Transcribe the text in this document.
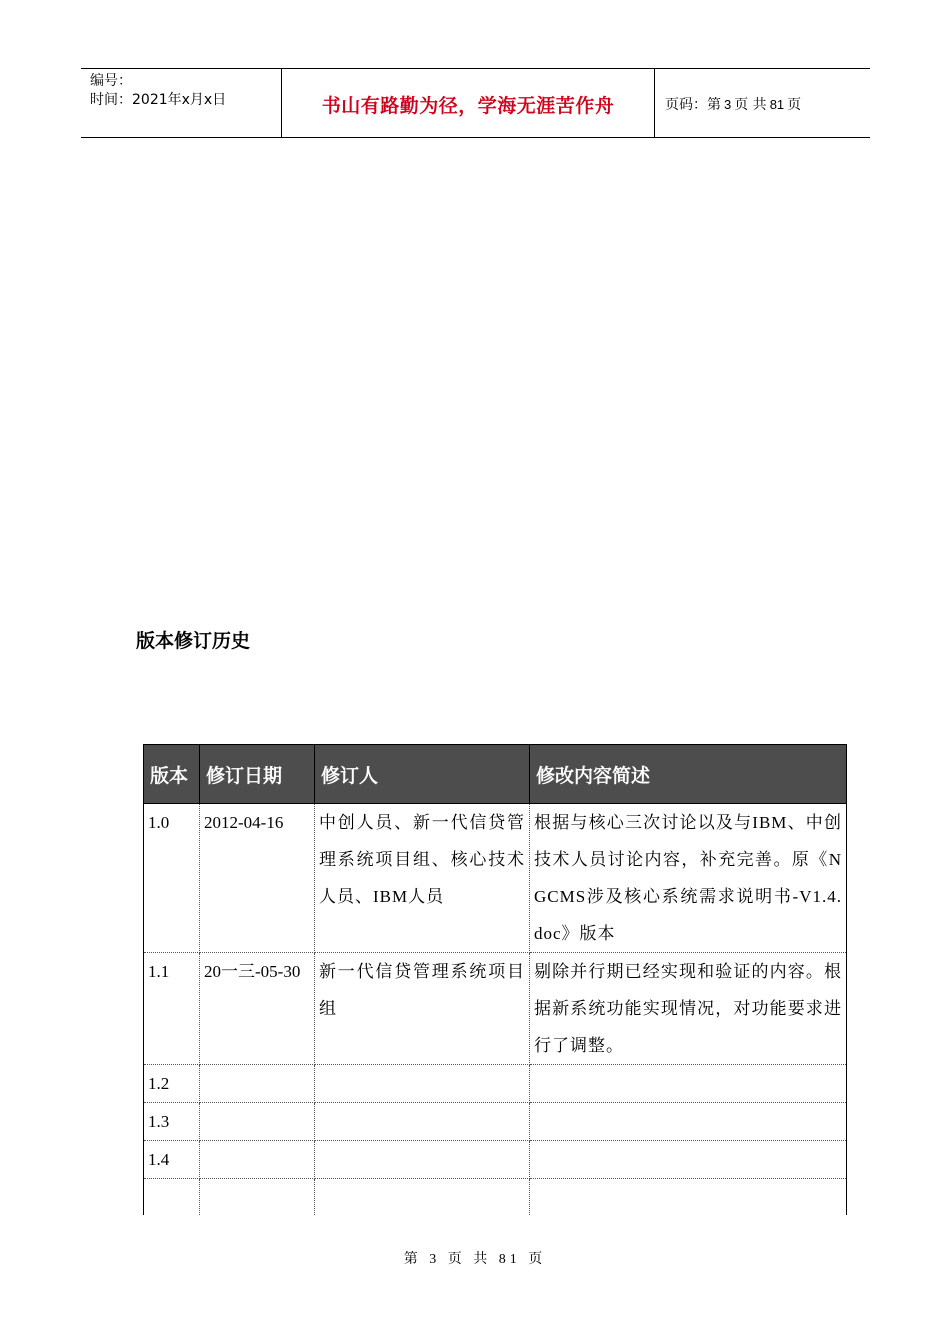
编号：
时间：2021年x月x日	书山有路勤为径，学海无涯苦作舟	页码：第 3 页 共 81 页
版本修订历史
版本	修订日期	修订人	修改内容简述
1.0	2012-04-16	中创人员、新一代信贷管理系统项目组、核心技术人员、IBM人员	根据与核心三次讨论以及与IBM、中创技术人员讨论内容，补充完善。原《NGCMS涉及核心系统需求说明书-V1.4.doc》版本
1.1	20一三-05-30	新一代信贷管理系统项目组	剔除并行期已经实现和验证的内容。根据新系统功能实现情况，对功能要求进行了调整。
1.2			
1.3			
1.4			

第 3 页 共 81 页
